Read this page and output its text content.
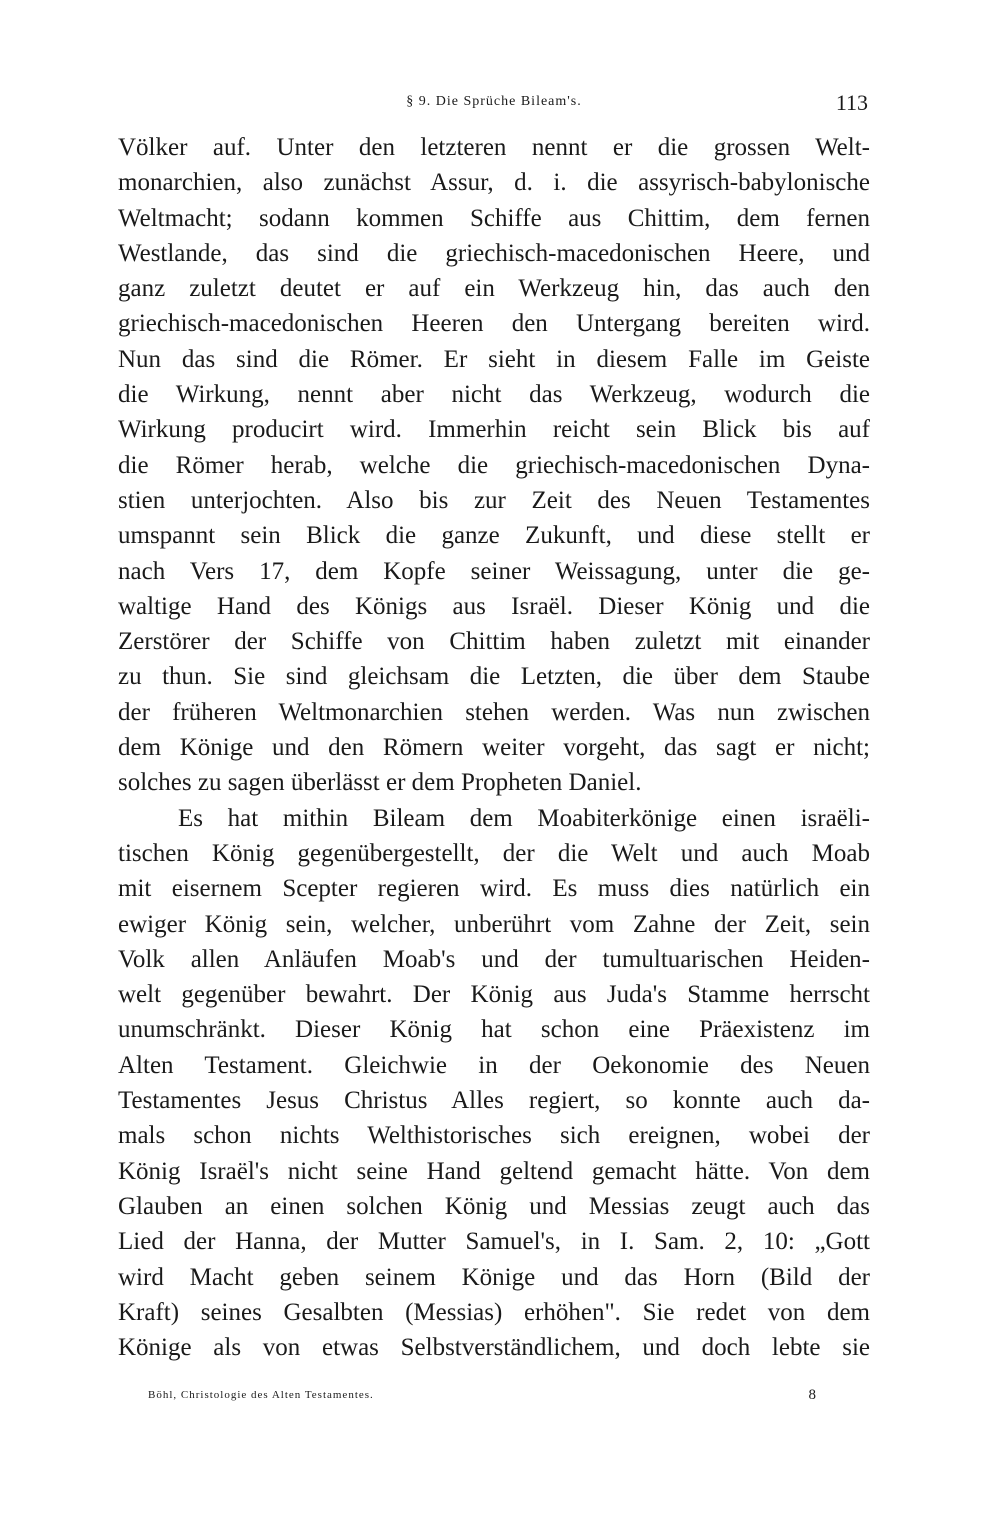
§ 9. Die Sprüche Bileam's.	113
Völker auf. Unter den letzteren nennt er die grossen Welt-
monarchien, also zunächst Assur, d. i. die assyrisch-babylonische
Weltmacht; sodann kommen Schiffe aus Chittim, dem fernen
Westlande, das sind die griechisch-macedonischen Heere, und
ganz zuletzt deutet er auf ein Werkzeug hin, das auch den
griechisch-macedonischen Heeren den Untergang bereiten wird.
Nun das sind die Römer. Er sieht in diesem Falle im Geiste
die Wirkung, nennt aber nicht das Werkzeug, wodurch die
Wirkung producirt wird. Immerhin reicht sein Blick bis auf
die Römer herab, welche die griechisch-macedonischen Dyna-
stien unterjochten. Also bis zur Zeit des Neuen Testamentes
umspannt sein Blick die ganze Zukunft, und diese stellt er
nach Vers 17, dem Kopfe seiner Weissagung, unter die ge-
waltige Hand des Königs aus Israël. Dieser König und die
Zerstörer der Schiffe von Chittim haben zuletzt mit einander
zu thun. Sie sind gleichsam die Letzten, die über dem Staube
der früheren Weltmonarchien stehen werden. Was nun zwischen
dem Könige und den Römern weiter vorgeht, das sagt er nicht;
solches zu sagen überlässt er dem Propheten Daniel.
Es hat mithin Bileam dem Moabiterkönige einen israëli-
tischen König gegenübergestellt, der die Welt und auch Moab
mit eisernem Scepter regieren wird. Es muss dies natürlich ein
ewiger König sein, welcher, unberührt vom Zahne der Zeit, sein
Volk allen Anläufen Moab's und der tumultuarischen Heiden-
welt gegenüber bewahrt. Der König aus Juda's Stamme herrscht
unumschränkt. Dieser König hat schon eine Präexistenz im
Alten Testament. Gleichwie in der Oekonomie des Neuen
Testamentes Jesus Christus Alles regiert, so konnte auch da-
mals schon nichts Welthistorisches sich ereignen, wobei der
König Israël's nicht seine Hand geltend gemacht hätte. Von dem
Glauben an einen solchen König und Messias zeugt auch das
Lied der Hanna, der Mutter Samuel's, in I. Sam. 2, 10: „Gott
wird Macht geben seinem Könige und das Horn (Bild der
Kraft) seines Gesalbten (Messias) erhöhen". Sie redet von dem
Könige als von etwas Selbstverständlichem, und doch lebte sie
Böhl, Christologie des Alten Testamentes.	8
